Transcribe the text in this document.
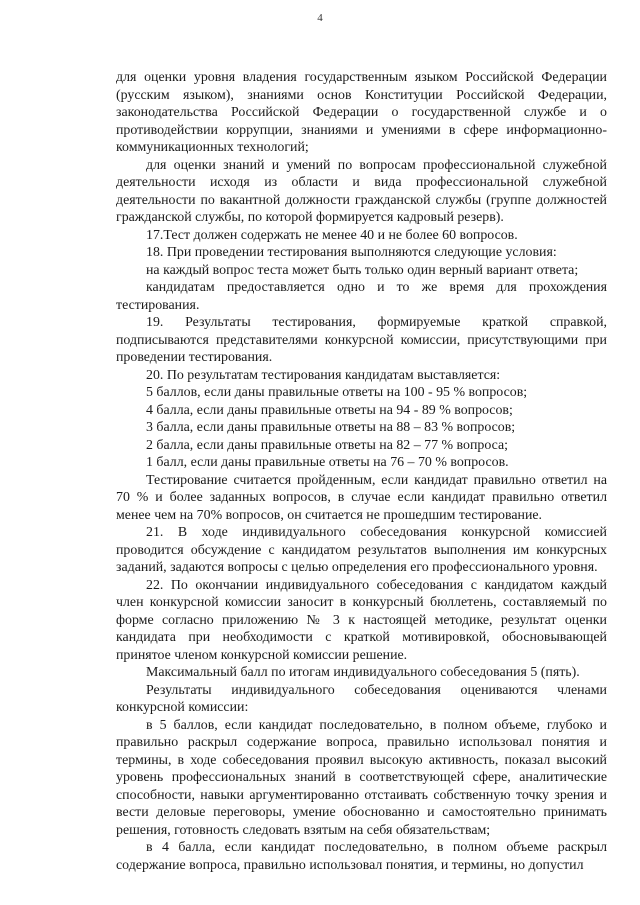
4

для оценки уровня владения государственным языком Российской Федерации (русским языком), знаниями основ Конституции Российской Федерации, законодательства Российской Федерации о государственной службе и о противодействии коррупции, знаниями и умениями в сфере информационно-коммуникационных технологий;

для оценки знаний и умений по вопросам профессиональной служебной деятельности исходя из области и вида профессиональной служебной деятельности по вакантной должности гражданской службы (группе должностей гражданской службы, по которой формируется кадровый резерв).

17.Тест должен содержать не менее 40 и не более 60 вопросов.

18. При проведении тестирования выполняются следующие условия:

на каждый вопрос теста может быть только один верный вариант ответа;

кандидатам предоставляется одно и то же время для прохождения тестирования.

19. Результаты тестирования, формируемые краткой справкой, подписываются представителями конкурсной комиссии, присутствующими при проведении тестирования.

20. По результатам тестирования кандидатам выставляется:

5 баллов, если даны правильные ответы на 100 - 95 % вопросов;

4 балла, если даны правильные ответы на 94 - 89 % вопросов;

3 балла, если даны правильные ответы на 88 – 83 % вопросов;

2 балла, если даны правильные ответы на 82 – 77 % вопроса;

1 балл, если даны правильные ответы на 76 – 70 % вопросов.

Тестирование считается пройденным, если кандидат правильно ответил на 70 % и более заданных вопросов, в случае если кандидат правильно ответил менее чем на 70% вопросов, он считается не прошедшим тестирование.

21. В ходе индивидуального собеседования конкурсной комиссией проводится обсуждение с кандидатом результатов выполнения им конкурсных заданий, задаются вопросы с целью определения его профессионального уровня.

22. По окончании индивидуального собеседования с кандидатом каждый член конкурсной комиссии заносит в конкурсный бюллетень, составляемый по форме согласно приложению № 3 к настоящей методике, результат оценки кандидата при необходимости с краткой мотивировкой, обосновывающей принятое членом конкурсной комиссии решение.

Максимальный балл по итогам индивидуального собеседования 5 (пять).

Результаты индивидуального собеседования оцениваются членами конкурсной комиссии:

в 5 баллов, если кандидат последовательно, в полном объеме, глубоко и правильно раскрыл содержание вопроса, правильно использовал понятия и термины, в ходе собеседования проявил высокую активность, показал высокий уровень профессиональных знаний в соответствующей сфере, аналитические способности, навыки аргументированно отстаивать собственную точку зрения и вести деловые переговоры, умение обоснованно и самостоятельно принимать решения, готовность следовать взятым на себя обязательствам;

в 4 балла, если кандидат последовательно, в полном объеме раскрыл содержание вопроса, правильно использовал понятия, и термины, но допустил
